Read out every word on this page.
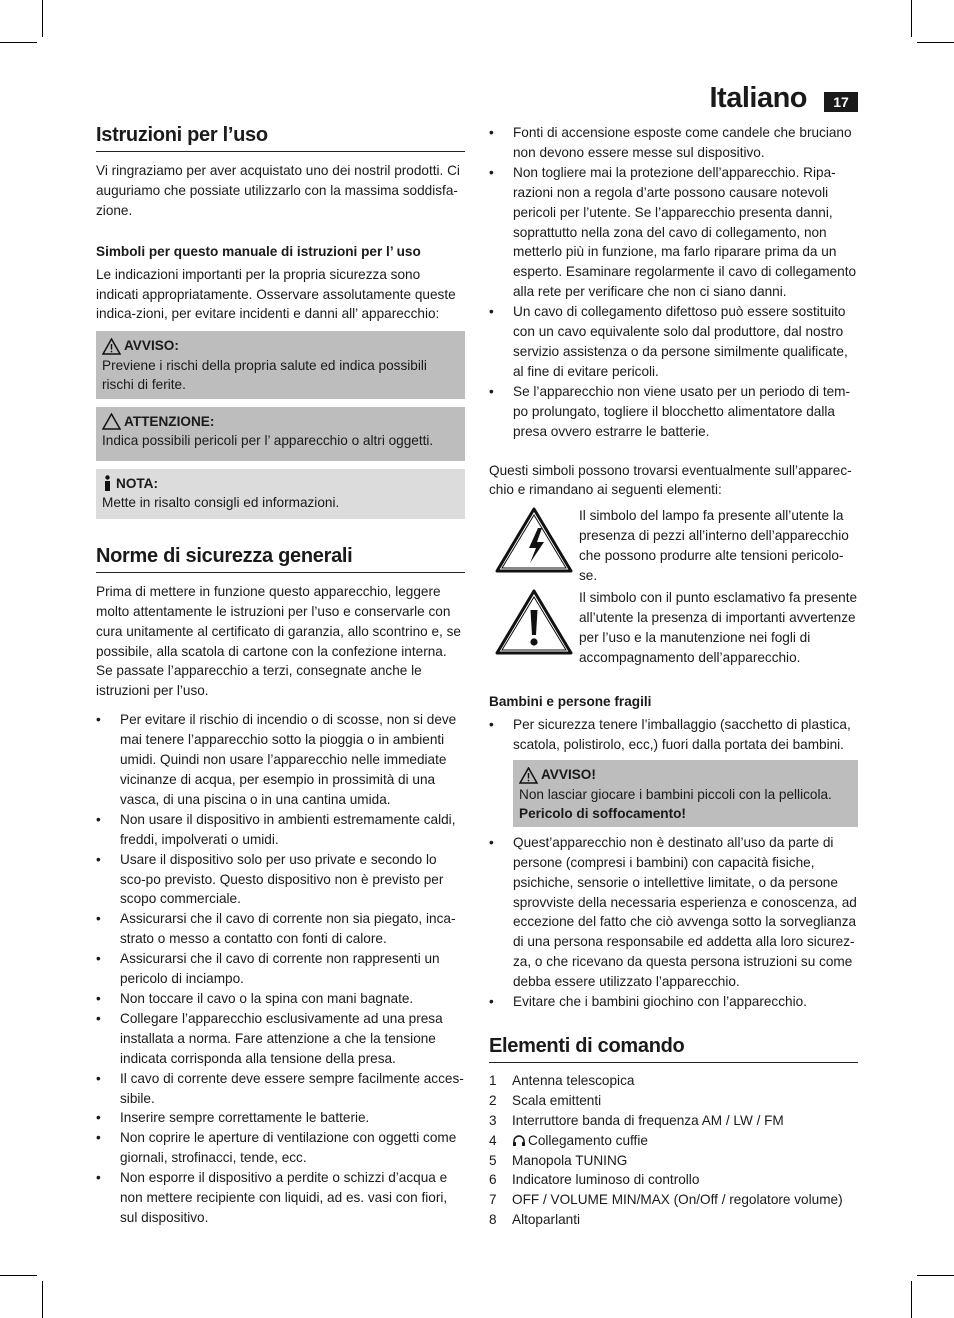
Italiano	17
Istruzioni per l’uso

Vi ringraziamo per aver acquistato uno dei nostril prodotti. Ci auguriamo che possiate utilizzarlo con la massima soddisfa-zione.

Simboli per questo manuale di istruzioni per l’ uso

Le indicazioni importanti per la propria sicurezza sono indicati appropriatamente. Osservare assolutamente queste indica-zioni, per evitare incidenti e danni all’ apparecchio:

AVVISO:

Previene i rischi della propria salute ed indica possibili rischi di ferite.

ATTENZIONE:

Indica possibili pericoli per l’ apparecchio o altri oggetti.

NOTA:

Mette in risalto consigli ed informazioni.

Norme di sicurezza generali

Prima di mettere in funzione questo apparecchio, leggere molto attentamente le istruzioni per l’uso e conservarle con cura unitamente al certificato di garanzia, allo scontrino e, se possibile, alla scatola di cartone con la confezione interna. Se passate l’apparecchio a terzi, consegnate anche le istruzioni per l’uso.

• Per evitare il rischio di incendio o di scosse, non si deve mai tenere l’apparecchio sotto la pioggia o in ambienti umidi. Quindi non usare l’apparecchio nelle immediate vicinanze di acqua, per esempio in prossimità di una vasca, di una piscina o in una cantina umida.
• Non usare il dispositivo in ambienti estremamente caldi, freddi, impolverati o umidi.
• Usare il dispositivo solo per uso private e secondo lo sco-po previsto. Questo dispositivo non è previsto per scopo commerciale.
• Assicurarsi che il cavo di corrente non sia piegato, inca-strato o messo a contatto con fonti di calore.
• Assicurarsi che il cavo di corrente non rappresenti un pericolo di inciampo.
• Non toccare il cavo o la spina con mani bagnate.
• Collegare l’apparecchio esclusivamente ad una presa installata a norma. Fare attenzione a che la tensione indicata corrisponda alla tensione della presa.
• Il cavo di corrente deve essere sempre facilmente acces-sibile.
• Inserire sempre correttamente le batterie.
• Non coprire le aperture di ventilazione con oggetti come giornali, strofinacci, tende, ecc.
• Non esporre il dispositivo a perdite o schizzi d’acqua e non mettere recipiente con liquidi, ad es. vasi con fiori, sul dispositivo.
• Fonti di accensione esposte come candele che bruciano non devono essere messe sul dispositivo.
• Non togliere mai la protezione dell’apparecchio. Ripa-razioni non a regola d’arte possono causare notevoli pericoli per l’utente. Se l’apparecchio presenta danni, soprattutto nella zona del cavo di collegamento, non metterlo più in funzione, ma farlo riparare prima da un esperto. Esaminare regolarmente il cavo di collegamento alla rete per verificare che non ci siano danni.
• Un cavo di collegamento difettoso può essere sostituito con un cavo equivalente solo dal produttore, dal nostro servizio assistenza o da persone similmente qualificate, al fine di evitare pericoli.
• Se l’apparecchio non viene usato per un periodo di tem-po prolungato, togliere il blocchetto alimentatore dalla presa ovvero estrarre le batterie.

Questi simboli possono trovarsi eventualmente sull’apparec-chio e rimandano ai seguenti elementi:

Il simbolo del lampo fa presente all’utente la presenza di pezzi all’interno dell’apparecchio che possono produrre alte tensioni pericolo-se.

Il simbolo con il punto esclamativo fa presente all’utente la presenza di importanti avvertenze per l’uso e la manutenzione nei fogli di accompagnamento dell’apparecchio.

Bambini e persone fragili

• Per sicurezza tenere l’imballaggio (sacchetto di plastica, scatola, polistirolo, ecc,) fuori dalla portata dei bambini.
AVVISO!

Non lasciar giocare i bambini piccoli con la pellicola.

Pericolo di soffocamento!

• Quest’apparecchio non è destinato all’uso da parte di persone (compresi i bambini) con capacità fisiche, psichiche, sensorie o intellettive limitate, o da persone sprovviste della necessaria esperienza e conoscenza, ad eccezione del fatto che ciò avvenga sotto la sorveglianza di una persona responsabile ed addetta alla loro sicurez-za, o che ricevano da questa persona istruzioni su come debba essere utilizzato l’apparecchio.
• Evitare che i bambini giochino con l’apparecchio.
Elementi di comando
1	Antenna telescopica
2	Scala emittenti
3	Interruttore banda di frequenza AM / LW / FM
4	Collegamento cuffie
5	Manopola TUNING
6	Indicatore luminoso di controllo
7	OFF / VOLUME MIN/MAX (On/Off / regolatore volume)
8	Altoparlanti
